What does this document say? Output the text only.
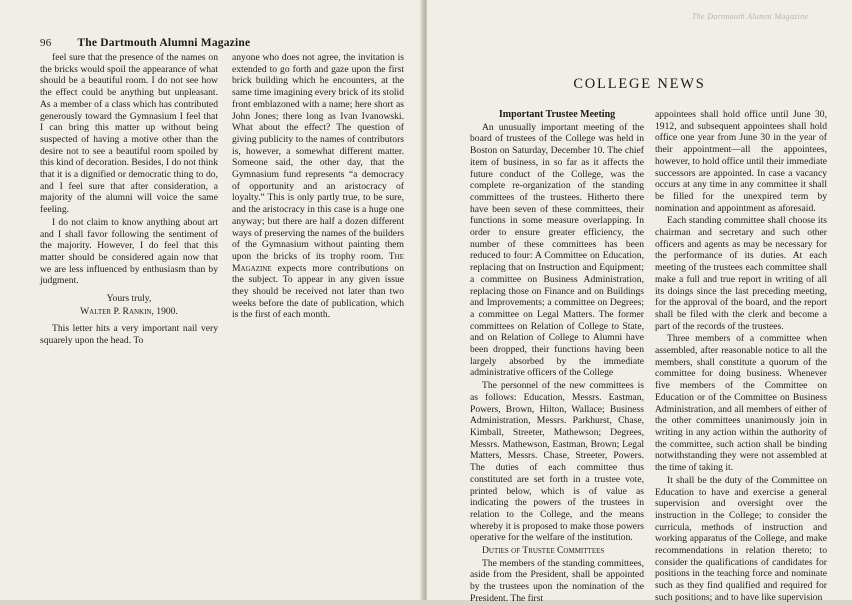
96 The Dartmouth Alumni Magazine

feel sure that the presence of the names on the bricks would spoil the appearance of what should be a beautiful room. I do not see how the effect could be anything but unpleasant. As a member of a class which has contributed generously toward the Gymnasium I feel that I can bring this matter up without being suspected of having a motive other than the desire not to see a beautiful room spoiled by this kind of decoration. Besides, I do not think that it is a dignified or democratic thing to do, and I feel sure that after consideration, a majority of the alumni will voice the same feeling.

I do not claim to know anything about art and I shall favor following the sentiment of the majority. However, I do feel that this matter should be considered again now that we are less influenced by enthusiasm than by judgment.

Yours truly,

Walter P. Rankin, 1900.

This letter hits a very important nail very squarely upon the head. To

anyone who does not agree, the invitation is extended to go forth and gaze upon the first brick building which he encounters, at the same time imagining every brick of its stolid front emblazoned with a name; here short as John Jones; there long as Ivan Ivanowski. What about the effect? The question of giving publicity to the names of contributors is, however, a somewhat different matter. Someone said, the other day, that the Gymnasium fund represents “a democracy of opportunity and an aristocracy of loyalty.” This is only partly true, to be sure, and the aristocracy in this case is a huge one anyway; but there are half a dozen different ways of preserving the names of the builders of the Gymnasium without painting them upon the bricks of its trophy room. The Magazine expects more contributions on the subject. To appear in any given issue they should be received not later than two weeks before the date of publication, which is the first of each month.

The Dartmouth Alumni Magazine
COLLEGE NEWS

Important Trustee Meeting

An unusually important meeting of the board of trustees of the College was held in Boston on Saturday, December 10. The chief item of business, in so far as it affects the future conduct of the College, was the complete re-organization of the standing committees of the trustees. Hitherto there have been seven of these committees, their functions in some measure overlapping. In order to ensure greater efficiency, the number of these committees has been reduced to four: A Committee on Education, replacing that on Instruction and Equipment; a committee on Business Administration, replacing those on Finance and on Buildings and Improvements; a committee on Degrees; a committee on Legal Matters. The former committees on Relation of College to State, and on Relation of College to Alumni have been dropped, their functions having been largely absorbed by the immediate administrative officers of the College

The personnel of the new committees is as follows: Education, Messrs. Eastman, Powers, Brown, Hilton, Wallace; Business Administration, Messrs. Parkhurst, Chase, Kimball, Streeter, Mathewson; Degrees, Messrs. Mathewson, Eastman, Brown; Legal Matters, Messrs. Chase, Streeter, Powers. The duties of each committee thus constituted are set forth in a trustee vote, printed below, which is of value as indicating the powers of the trustees in relation to the College, and the means whereby it is proposed to make those powers operative for the welfare of the institution.

Duties of Trustee Committees

The members of the standing committees, aside from the President, shall be appointed by the trustees upon the nomination of the President. The first

appointees shall hold office until June 30, 1912, and subsequent appointees shall hold office one year from June 30 in the year of their appointment—all the appointees, however, to hold office until their immediate successors are appointed. In case a vacancy occurs at any time in any committee it shall be filled for the unexpired term by nomination and appointment as aforesaid.

Each standing committee shall choose its chairman and secretary and such other officers and agents as may be necessary for the performance of its duties. At each meeting of the trustees each committee shall make a full and true report in writing of all its doings since the last preceding meeting, for the approval of the board, and the report shall be filed with the clerk and become a part of the records of the trustees.

Three members of a committee when assembled, after reasonable notice to all the members, shall constitute a quorum of the committee for doing business. Whenever five members of the Committee on Education or of the Committee on Business Administration, and all members of either of the other committees unanimously join in writing in any action within the authority of the committee, such action shall be binding notwithstanding they were not assembled at the time of taking it.

It shall be the duty of the Committee on Education to have and exercise a general supervision and oversight over the instruction in the College; to consider the curricula, methods of instruction and working apparatus of the College, and make recommendations in relation thereto; to consider the qualifications of candidates for positions in the teaching force and nominate such as they find qualified and required for such positions; and to have like supervision
